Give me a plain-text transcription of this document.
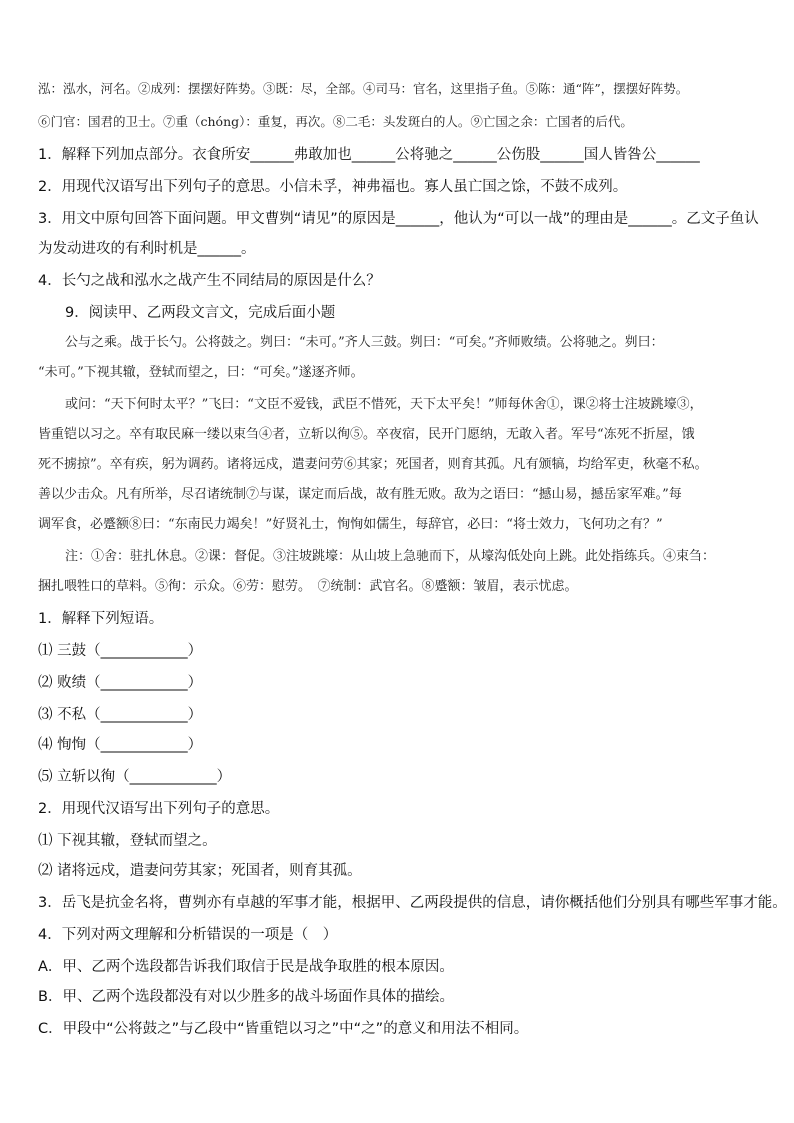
泓：泓水，河名。②成列：摆摆好阵势。③既：尽，全部。④司马：官名，这里指子鱼。⑤陈：通“阵”，摆摆好阵势。
⑥门官：国君的卫士。⑦重（chóng）：重复，再次。⑧二毛：头发斑白的人。⑨亡国之余：亡国者的后代。
1．解释下列加点部分。衣食所安______弗敢加也______公将驰之______公伤股______国人皆咎公______
2．用现代汉语写出下列句子的意思。小信未孚，神弗福也。寡人虽亡国之馀，不鼓不成列。
3．用文中原句回答下面问题。甲文曹刿“请见”的原因是______，他认为“可以一战”的理由是______。乙文子鱼认
为发动进攻的有利时机是______。
4．长勺之战和泓水之战产生不同结局的原因是什么？
9．阅读甲、乙两段文言文，完成后面小题
公与之乘。战于长勺。公将鼓之。刿曰：“未可。”齐人三鼓。刿曰：“可矣。”齐师败绩。公将驰之。刿曰：
“未可。”下视其辙，登轼而望之，曰：“可矣。”遂逐齐师。
或问：“天下何时太平？”飞曰：“文臣不爱钱，武臣不惜死，天下太平矣！”师每休舍①，课②将士注坡跳壕③，
皆重铠以习之。卒有取民麻一缕以束刍④者，立斩以徇⑤。卒夜宿，民开门愿纳，无敢入者。军号“冻死不折屋，饿
死不掳掠”。卒有疾，躬为调药。诸将远戍，遣妻问劳⑥其家；死国者，则育其孤。凡有颁犒，均给军吏，秋毫不私。
善以少击众。凡有所举，尽召诸统制⑦与谋，谋定而后战，故有胜无败。敌为之语曰：“撼山易，撼岳家军难。”每
调军食，必蹙额⑧曰：“东南民力竭矣！”好贤礼士，恂恂如儒生，每辞官，必曰：“将士效力，飞何功之有？”
注：①舍：驻扎休息。②课：督促。③注坡跳壕：从山坡上急驰而下，从壕沟低处向上跳。此处指练兵。④束刍：
捆扎喂牲口的草料。⑤徇：示众。⑥劳：慰劳。　⑦统制：武官名。⑧蹙额：皱眉，表示忧虑。
1．解释下列短语。
⑴ 三鼓（____________）
⑵ 败绩（____________）
⑶ 不私（____________）
⑷ 恂恂（____________）
⑸ 立斩以徇（____________）
2．用现代汉语写出下列句子的意思。
⑴ 下视其辙，登轼而望之。
⑵ 诸将远戍，遣妻问劳其家；死国者，则育其孤。
3．岳飞是抗金名将，曹刿亦有卓越的军事才能，根据甲、乙两段提供的信息，请你概括他们分别具有哪些军事才能。
4．下列对两文理解和分析错误的一项是（　）
A．甲、乙两个选段都告诉我们取信于民是战争取胜的根本原因。
B．甲、乙两个选段都没有对以少胜多的战斗场面作具体的描绘。
C．甲段中“公将鼓之”与乙段中“皆重铠以习之”中“之”的意义和用法不相同。
